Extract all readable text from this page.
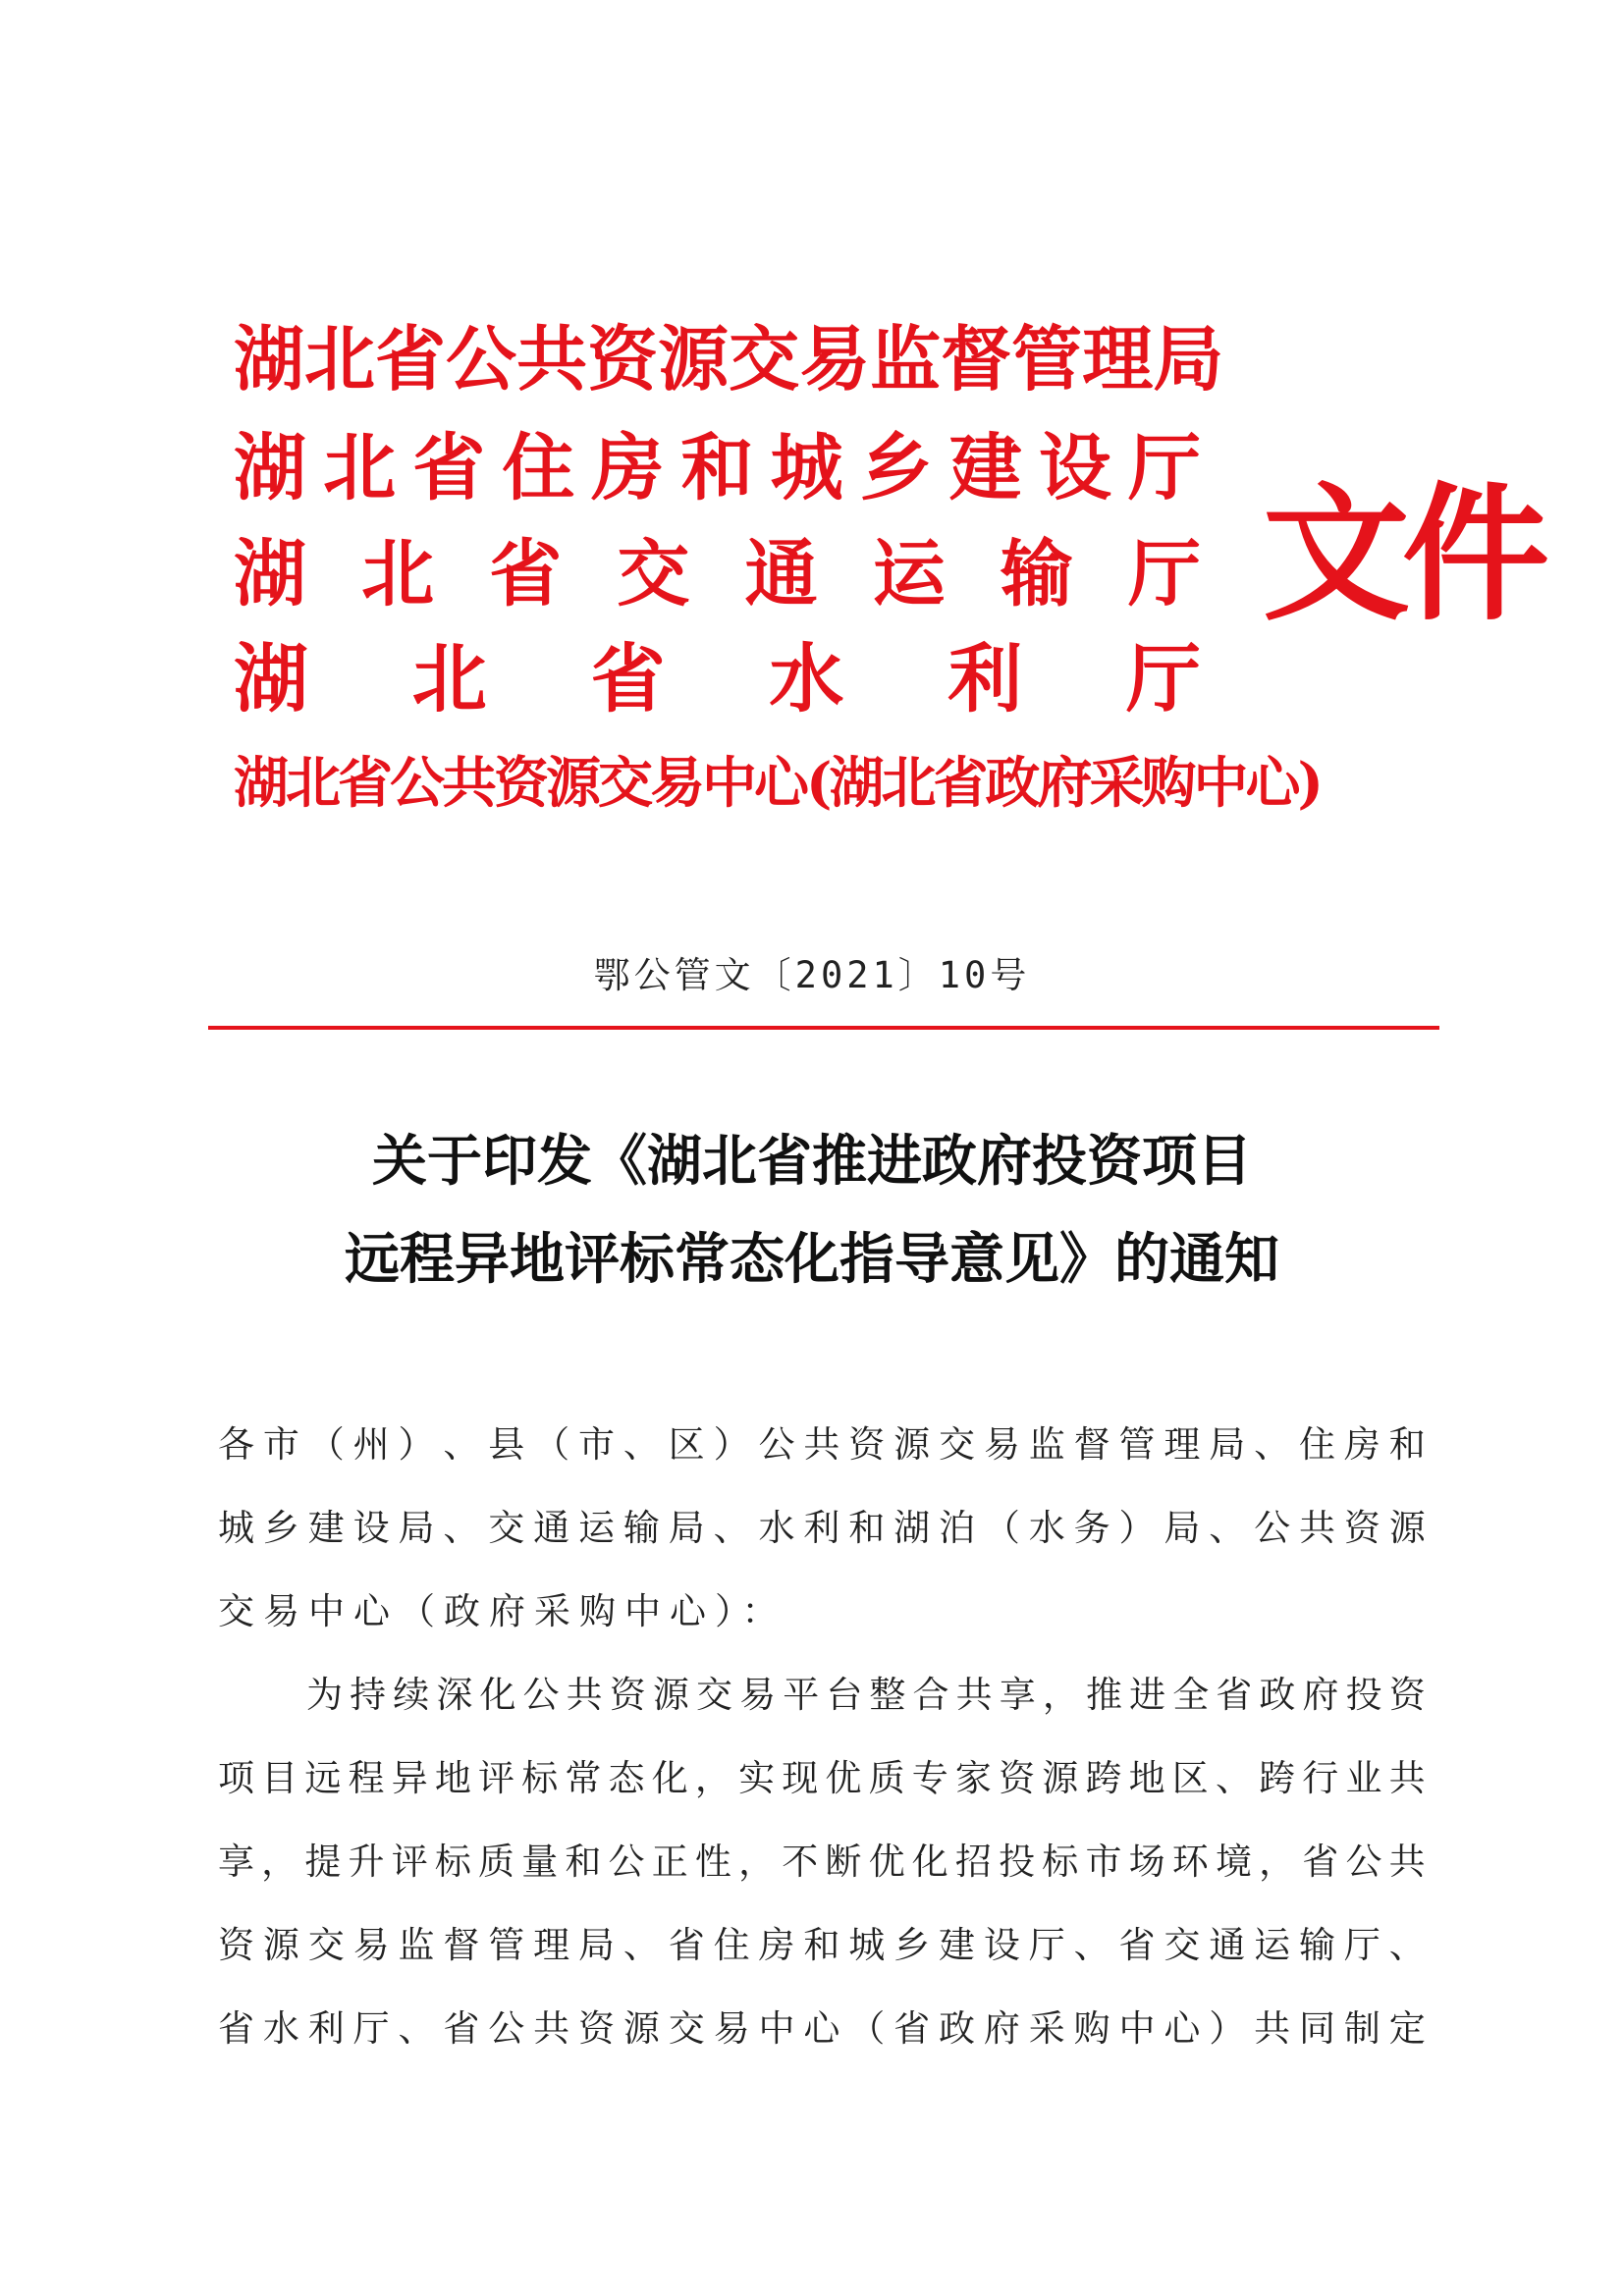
湖 北 省 公 共 资 源 交 易 监 督 管 理 局
湖 北 省 住 房 和 城 乡 建 设 厅
湖 北 省 交 通 运 输 厅
湖 北 省 水 利 厅
湖 北 省 公 共 资 源 交 易 中 心 ( 湖 北 省 政 府 采 购 中 心 )
文件
鄂公管文〔2021〕10号
关于印发《湖北省推进政府投资项目
远程异地评标常态化指导意见》的通知
各 市 （ 州 ） 、 县 （ 市 、 区 ） 公 共 资 源 交 易 监 督 管 理 局 、 住 房 和
城 乡 建 设 局 、 交 通 运 输 局 、 水 利 和 湖 泊 （ 水 务 ） 局 、 公 共 资 源
交易中心（政府采购中心）：
为 持 续 深 化 公 共 资 源 交 易 平 台 整 合 共 享 ， 推 进 全 省 政 府 投 资
项 目 远 程 异 地 评 标 常 态 化 ， 实 现 优 质 专 家 资 源 跨 地 区 、 跨 行 业 共
享 ， 提 升 评 标 质 量 和 公 正 性 ， 不 断 优 化 招 投 标 市 场 环 境 ， 省 公 共
资 源 交 易 监 督 管 理 局 、 省 住 房 和 城 乡 建 设 厅 、 省 交 通 运 输 厅 、
省 水 利 厅 、 省 公 共 资 源 交 易 中 心 （ 省 政 府 采 购 中 心 ） 共 同 制 定
